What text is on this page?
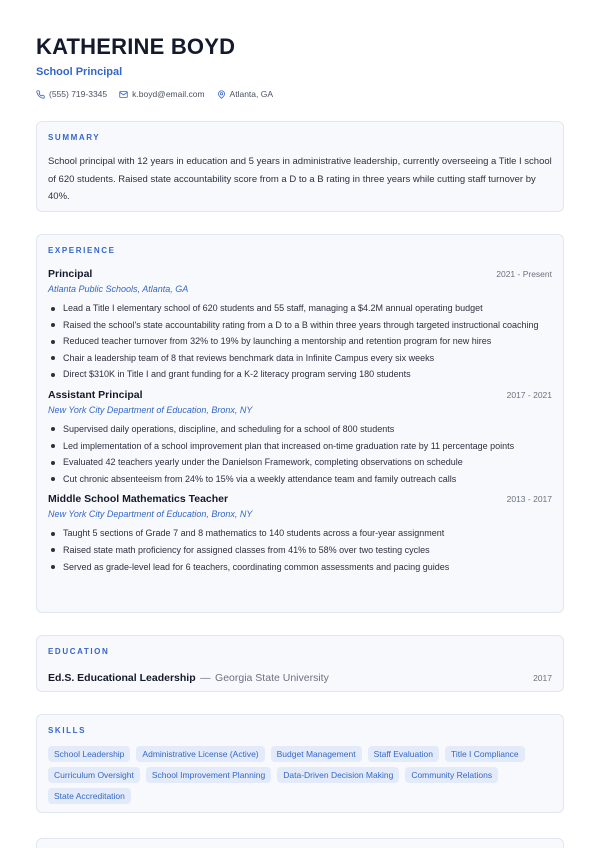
KATHERINE BOYD
School Principal
(555) 719-3345	k.boyd@email.com	Atlanta, GA
SUMMARY

School principal with 12 years in education and 5 years in administrative leadership, currently overseeing a Title I school of 620 students. Raised state accountability score from a D to a B rating in three years while cutting staff turnover by 40%.

EXPERIENCE
Principal	2021 - Present
Atlanta Public Schools, Atlanta, GA
Lead a Title I elementary school of 620 students and 55 staff, managing a $4.2M annual operating budget
Raised the school's state accountability rating from a D to a B within three years through targeted instructional coaching
Reduced teacher turnover from 32% to 19% by launching a mentorship and retention program for new hires
Chair a leadership team of 8 that reviews benchmark data in Infinite Campus every six weeks
Direct $310K in Title I and grant funding for a K-2 literacy program serving 180 students
Assistant Principal	2017 - 2021
New York City Department of Education, Bronx, NY
Supervised daily operations, discipline, and scheduling for a school of 800 students
Led implementation of a school improvement plan that increased on-time graduation rate by 11 percentage points
Evaluated 42 teachers yearly under the Danielson Framework, completing observations on schedule
Cut chronic absenteeism from 24% to 15% via a weekly attendance team and family outreach calls
Middle School Mathematics Teacher	2013 - 2017
New York City Department of Education, Bronx, NY
Taught 5 sections of Grade 7 and 8 mathematics to 140 students across a four-year assignment
Raised state math proficiency for assigned classes from 41% to 58% over two testing cycles
Served as grade-level lead for 6 teachers, coordinating common assessments and pacing guides
EDUCATION
Ed.S. Educational Leadership — Georgia State University	2017
SKILLS
School Leadership	Administrative License (Active)	Budget Management	Staff Evaluation	Title I Compliance
Curriculum Oversight	School Improvement Planning	Data-Driven Decision Making	Community Relations
State Accreditation
